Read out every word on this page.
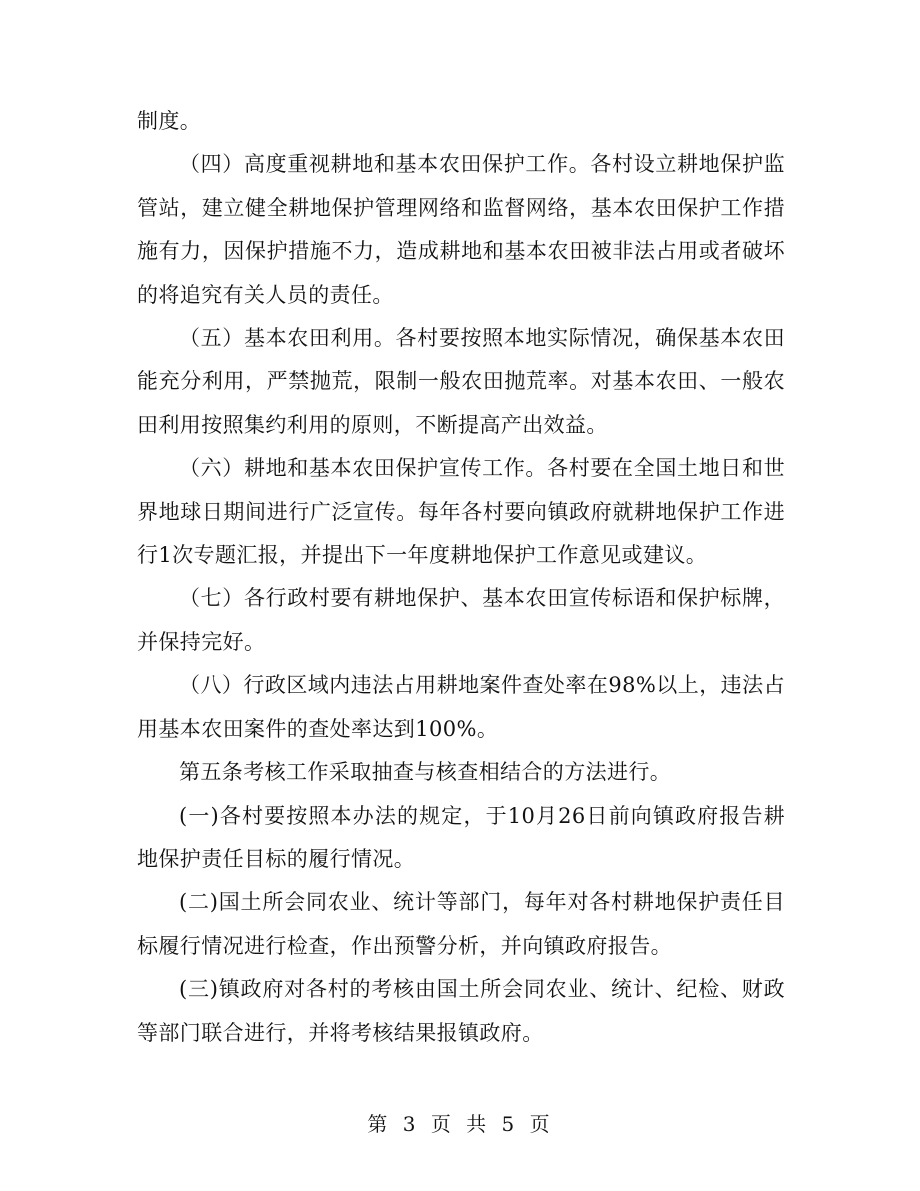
制度。

（四）高度重视耕地和基本农田保护工作。各村设立耕地保护监管站，建立健全耕地保护管理网络和监督网络，基本农田保护工作措施有力，因保护措施不力，造成耕地和基本农田被非法占用或者破坏的将追究有关人员的责任。

（五）基本农田利用。各村要按照本地实际情况，确保基本农田能充分利用，严禁抛荒，限制一般农田抛荒率。对基本农田、一般农田利用按照集约利用的原则，不断提高产出效益。

（六）耕地和基本农田保护宣传工作。各村要在全国土地日和世界地球日期间进行广泛宣传。每年各村要向镇政府就耕地保护工作进行1次专题汇报，并提出下一年度耕地保护工作意见或建议。

（七）各行政村要有耕地保护、基本农田宣传标语和保护标牌，并保持完好。

（八）行政区域内违法占用耕地案件查处率在98%以上，违法占用基本农田案件的查处率达到100%。

第五条考核工作采取抽查与核查相结合的方法进行。

(一)各村要按照本办法的规定，于10月26日前向镇政府报告耕地保护责任目标的履行情况。

(二)国土所会同农业、统计等部门，每年对各村耕地保护责任目标履行情况进行检查，作出预警分析，并向镇政府报告。

(三)镇政府对各村的考核由国土所会同农业、统计、纪检、财政等部门联合进行，并将考核结果报镇政府。

第 3 页 共 5 页
